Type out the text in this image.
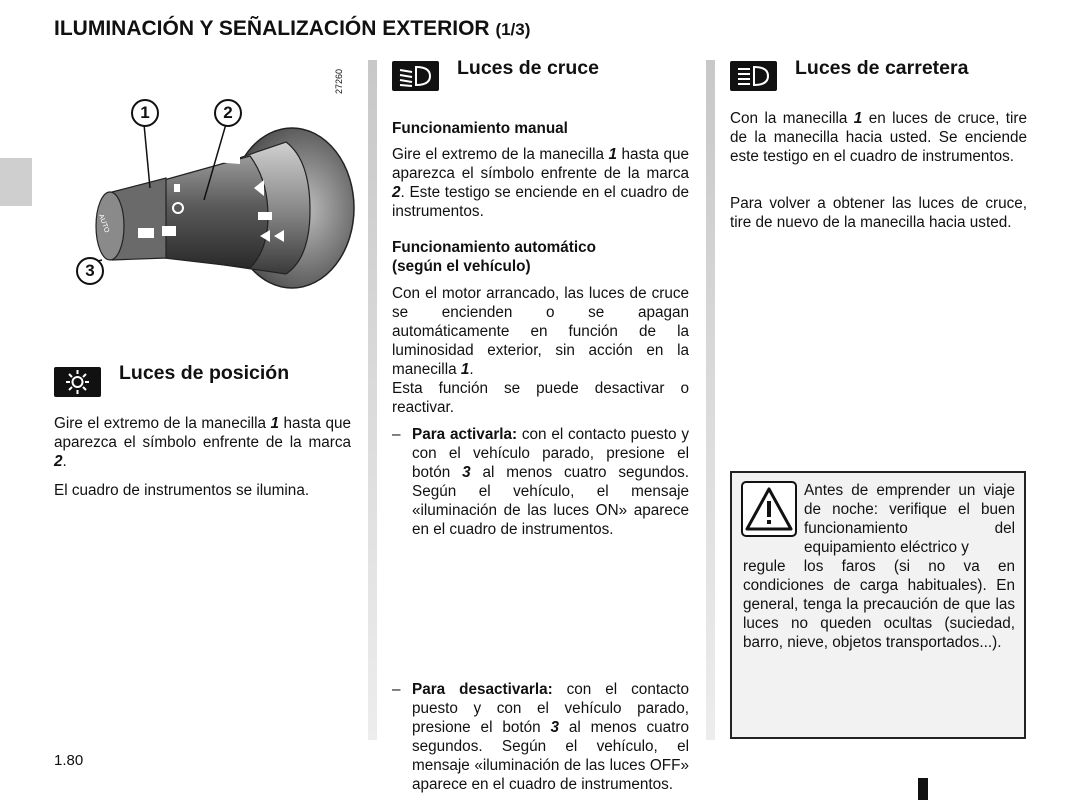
ILUMINACIÓN Y SEÑALIZACIÓN EXTERIOR (1/3)
AUTO
1	2
3
27260
Luces de posición
Gire el extremo de la manecilla 1 hasta que aparezca el símbolo enfrente de la marca 2.
El cuadro de instrumentos se ilumina.
Luces de cruce
Funcionamiento manual
Gire el extremo de la manecilla 1 hasta que aparezca el símbolo enfrente de la marca 2. Este testigo se enciende en el cuadro de instrumentos.
Funcionamiento automático
(según el vehículo)
Con el motor arrancado, las luces de cruce se encienden o se apagan automáticamente en función de la luminosidad exterior, sin acción en la manecilla 1.
Esta función se puede desactivar o reactivar.
– Para activarla: con el contacto puesto y con el vehículo parado, presione el botón 3 al menos cuatro segundos. Según el vehículo, el mensaje «iluminación de las luces ON» aparece en el cuadro de instrumentos.
– Para desactivarla: con el contacto puesto y con el vehículo parado, presione el botón 3 al menos cuatro segundos. Según el vehículo, el mensaje «iluminación de las luces OFF» aparece en el cuadro de instrumentos.
Luces de carretera
Con la manecilla 1 en luces de cruce, tire de la manecilla hacia usted. Se enciende este testigo en el cuadro de instrumentos.
Para volver a obtener las luces de cruce, tire de nuevo de la manecilla hacia usted.
Antes de emprender un viaje de noche: verifique el buen funcionamiento del equipamiento eléctrico y
regule los faros (si no va en condiciones de carga habituales). En general, tenga la precaución de que las luces no queden ocultas (suciedad, barro, nieve, objetos transportados...).
1.80
